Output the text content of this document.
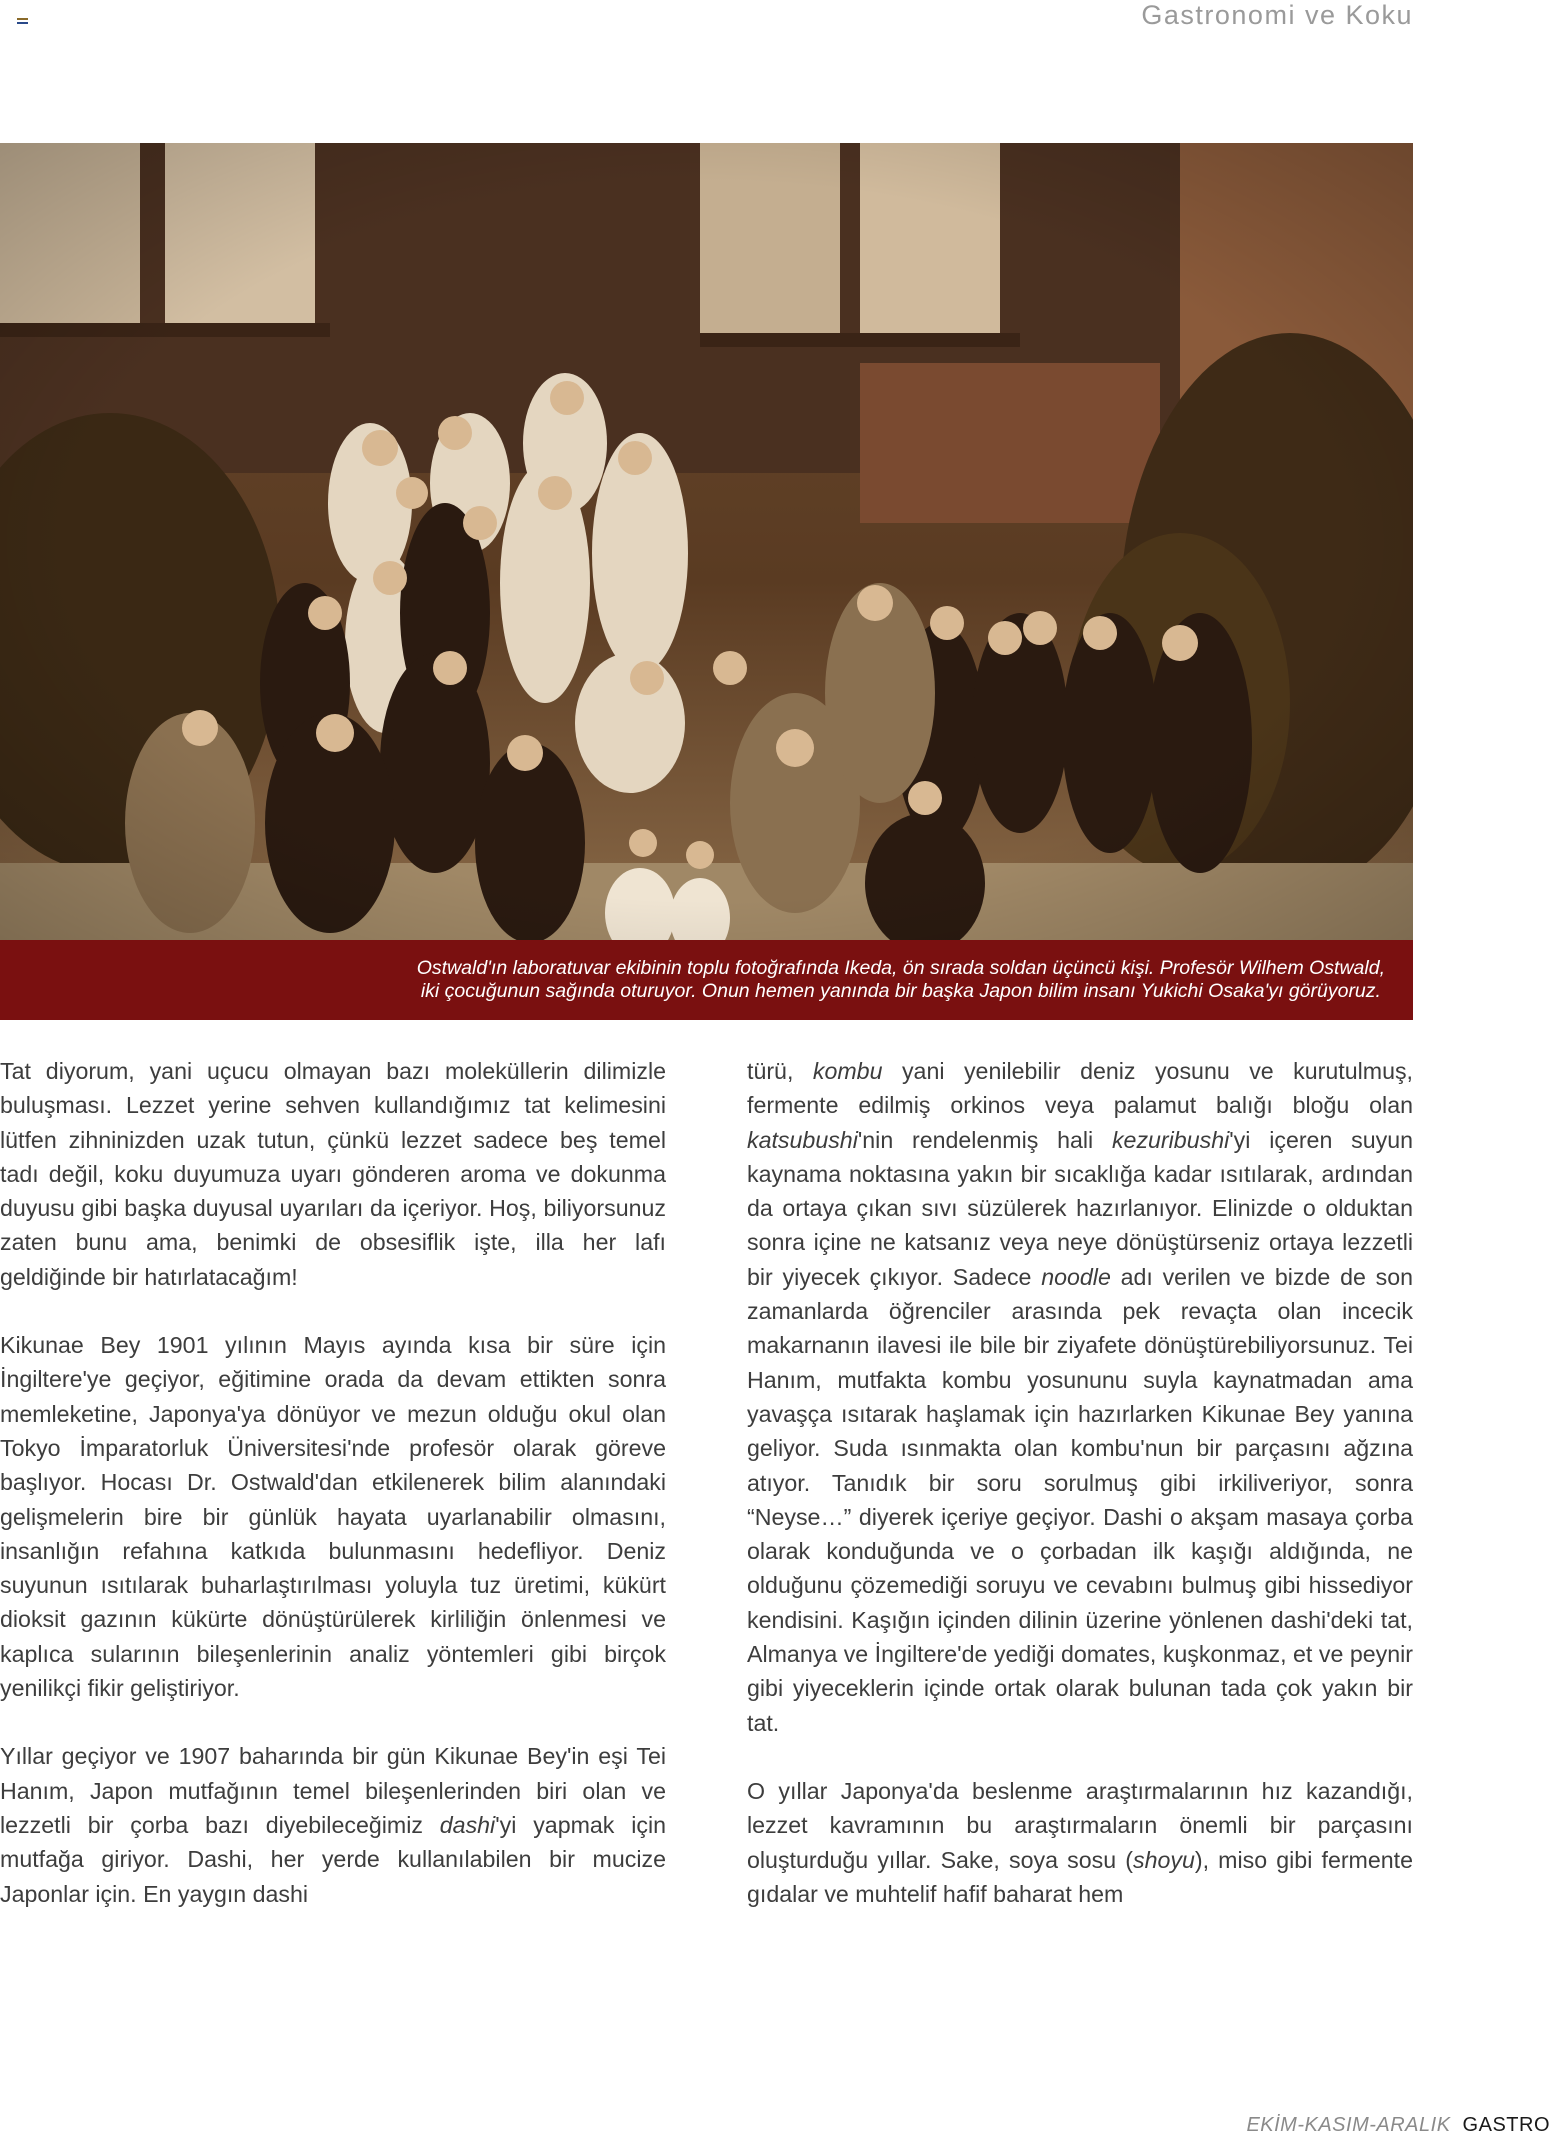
Gastronomi ve Koku
Ostwald'ın laboratuvar ekibinin toplu fotoğrafında Ikeda, ön sırada soldan üçüncü kişi. Profesör Wilhem Ostwald,
iki çocuğunun sağında oturuyor. Onun hemen yanında bir başka Japon bilim insanı Yukichi Osaka'yı görüyoruz.

Tat diyorum, yani uçucu olmayan bazı moleküllerin dilimizle buluşması. Lezzet yerine sehven kullandığımız tat kelimesini lütfen zihninizden uzak tutun, çünkü lezzet sadece beş temel tadı değil, koku duyumuza uyarı gönderen aroma ve dokunma duyusu gibi başka duyusal uyarıları da içeriyor. Hoş, biliyorsunuz zaten bunu ama, benimki de obsesiflik işte, illa her lafı geldiğinde bir hatırlatacağım!

Kikunae Bey 1901 yılının Mayıs ayında kısa bir süre için İngiltere'ye geçiyor, eğitimine orada da devam ettikten sonra memleketine, Japonya'ya dönüyor ve mezun olduğu okul olan Tokyo İmparatorluk Üniversitesi'nde profesör olarak göreve başlıyor. Hocası Dr. Ostwald'dan etkilenerek bilim alanındaki gelişmelerin bire bir günlük hayata uyarlanabilir olmasını, insanlığın refahına katkıda bulunmasını hedefliyor. Deniz suyunun ısıtılarak buharlaştırılması yoluyla tuz üretimi, kükürt dioksit gazının kükürte dönüştürülerek kirliliğin önlenmesi ve kaplıca sularının bileşenlerinin analiz yöntemleri gibi birçok yenilikçi fikir geliştiriyor.

Yıllar geçiyor ve 1907 baharında bir gün Kikunae Bey'in eşi Tei Hanım, Japon mutfağının temel bileşenlerinden biri olan ve lezzetli bir çorba bazı diyebileceğimiz dashi'yi yapmak için mutfağa giriyor. Dashi, her yerde kullanılabilen bir mucize Japonlar için. En yaygın dashi

türü, kombu yani yenilebilir deniz yosunu ve kurutulmuş, fermente edilmiş orkinos veya palamut balığı bloğu olan katsubushi'nin rendelenmiş hali kezuribushi'yi içeren suyun kaynama noktasına yakın bir sıcaklığa kadar ısıtılarak, ardından da ortaya çıkan sıvı süzülerek hazırlanıyor. Elinizde o olduktan sonra içine ne katsanız veya neye dönüştürseniz ortaya lezzetli bir yiyecek çıkıyor. Sadece noodle adı verilen ve bizde de son zamanlarda öğrenciler arasında pek revaçta olan incecik makarnanın ilavesi ile bile bir ziyafete dönüştürebiliyorsunuz. Tei Hanım, mutfakta kombu yosununu suyla kaynatmadan ama yavaşça ısıtarak haşlamak için hazırlarken Kikunae Bey yanına geliyor. Suda ısınmakta olan kombu'nun bir parçasını ağzına atıyor. Tanıdık bir soru sorulmuş gibi irkiliveriyor, sonra “Neyse…” diyerek içeriye geçiyor. Dashi o akşam masaya çorba olarak konduğunda ve o çorbadan ilk kaşığı aldığında, ne olduğunu çözemediği soruyu ve cevabını bulmuş gibi hissediyor kendisini. Kaşığın içinden dilinin üzerine yönlenen dashi'deki tat, Almanya ve İngiltere'de yediği domates, kuşkonmaz, et ve peynir gibi yiyeceklerin içinde ortak olarak bulunan tada çok yakın bir tat.

O yıllar Japonya'da beslenme araştırmalarının hız kazandığı, lezzet kavramının bu araştırmaların önemli bir parçasını oluşturduğu yıllar. Sake, soya sosu (shoyu), miso gibi fermente gıdalar ve muhtelif hafif baharat hem

EKİM-KASIM-ARALIK GASTRO
